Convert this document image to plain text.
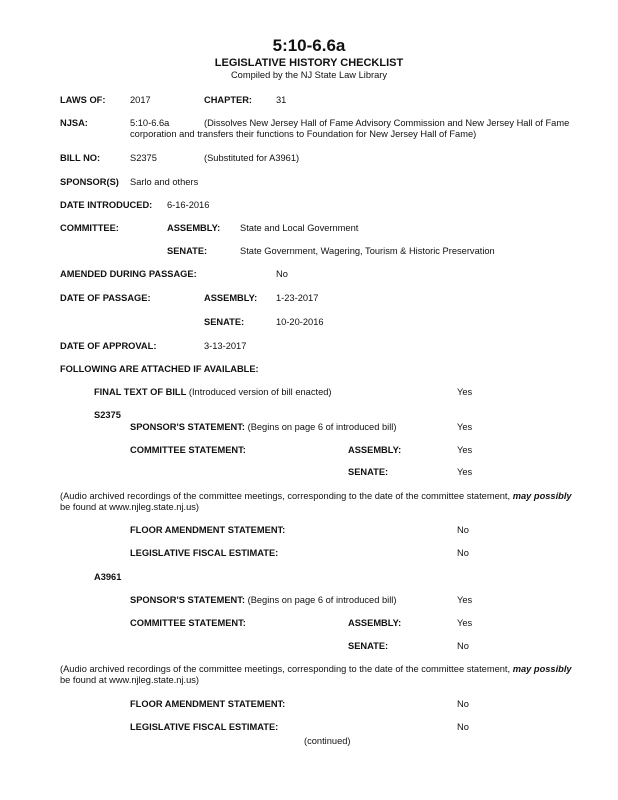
5:10-6.6a
LEGISLATIVE HISTORY CHECKLIST
Compiled by the NJ State Law Library
LAWS OF:	2017	CHAPTER:	31
NJSA:	5:10-6.6a	(Dissolves New Jersey Hall of Fame Advisory Commission and New Jersey Hall of Fame
corporation and transfers their functions to Foundation for New Jersey Hall of Fame)
BILL NO:	S2375	(Substituted for A3961)
SPONSOR(S) Sarlo and others
DATE INTRODUCED: 6-16-2016
COMMITTEE:	ASSEMBLY: State and Local Government
SENATE:	State Government, Wagering, Tourism & Historic Preservation
AMENDED DURING PASSAGE:	No
DATE OF PASSAGE:	ASSEMBLY: 1-23-2017
SENATE:	10-20-2016
DATE OF APPROVAL:	3-13-2017
FOLLOWING ARE ATTACHED IF AVAILABLE:
FINAL TEXT OF BILL (Introduced version of bill enacted)	Yes
S2375
SPONSOR'S STATEMENT: (Begins on page 6 of introduced bill)	Yes
COMMITTEE STATEMENT:	ASSEMBLY:	Yes
SENATE:	Yes
(Audio archived recordings of the committee meetings, corresponding to the date of the committee statement, may possibly
be found at www.njleg.state.nj.us)
FLOOR AMENDMENT STATEMENT:	No
LEGISLATIVE FISCAL ESTIMATE:	No
A3961
SPONSOR'S STATEMENT: (Begins on page 6 of introduced bill)	Yes
COMMITTEE STATEMENT:	ASSEMBLY:	Yes
SENATE:	No
(Audio archived recordings of the committee meetings, corresponding to the date of the committee statement, may possibly
be found at www.njleg.state.nj.us)
FLOOR AMENDMENT STATEMENT:	No
LEGISLATIVE FISCAL ESTIMATE:	No
(continued)
